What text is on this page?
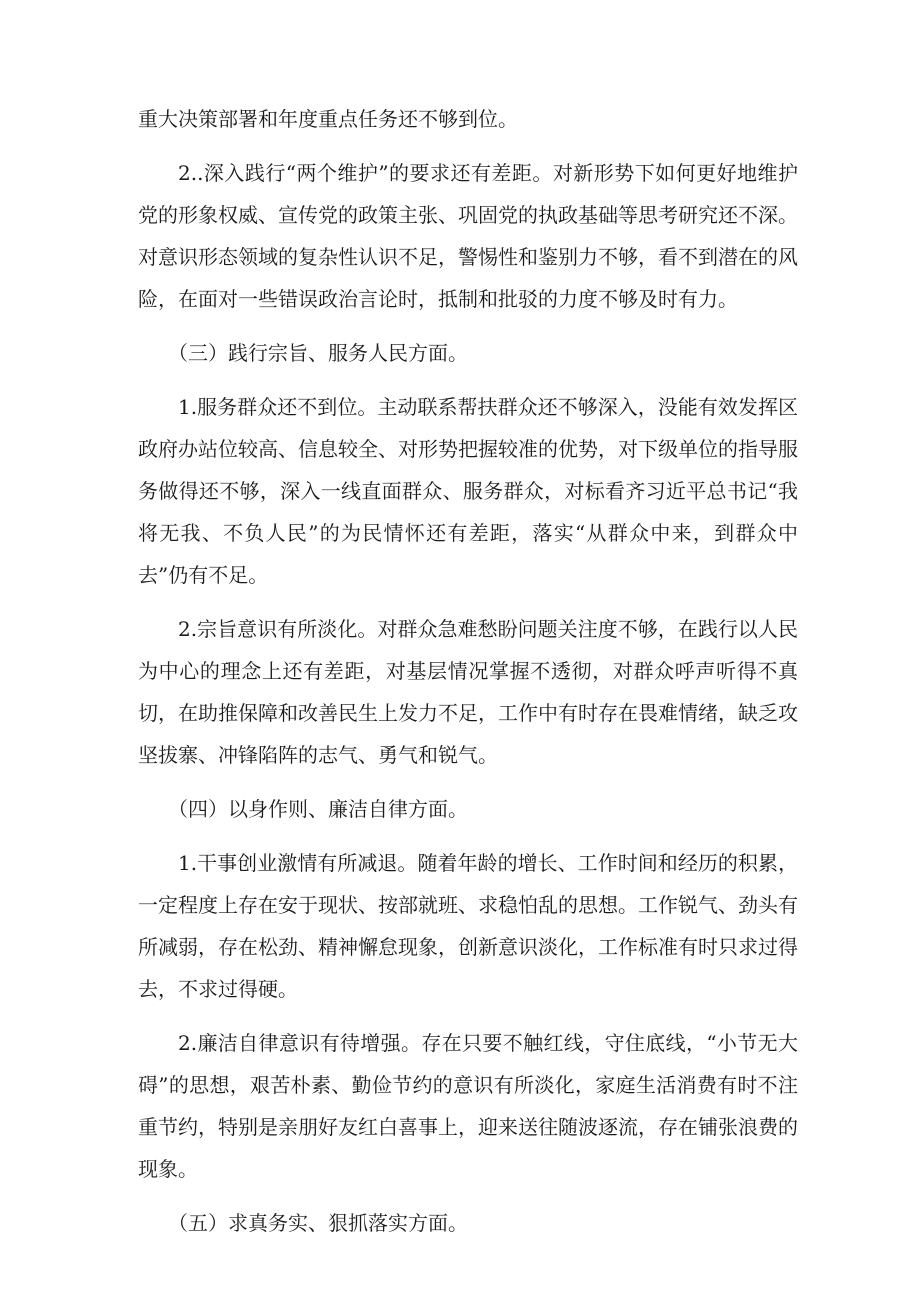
重大决策部署和年度重点任务还不够到位。

2..深入践行“两个维护”的要求还有差距。对新形势下如何更好地维护党的形象权威、宣传党的政策主张、巩固党的执政基础等思考研究还不深。对意识形态领域的复杂性认识不足，警惕性和鉴别力不够，看不到潜在的风险，在面对一些错误政治言论时，抵制和批驳的力度不够及时有力。

（三）践行宗旨、服务人民方面。

1.服务群众还不到位。主动联系帮扶群众还不够深入，没能有效发挥区政府办站位较高、信息较全、对形势把握较准的优势，对下级单位的指导服务做得还不够，深入一线直面群众、服务群众，对标看齐习近平总书记“我将无我、不负人民”的为民情怀还有差距，落实“从群众中来，到群众中去”仍有不足。

2.宗旨意识有所淡化。对群众急难愁盼问题关注度不够，在践行以人民为中心的理念上还有差距，对基层情况掌握不透彻，对群众呼声听得不真切，在助推保障和改善民生上发力不足，工作中有时存在畏难情绪，缺乏攻坚拔寨、冲锋陷阵的志气、勇气和锐气。

（四）以身作则、廉洁自律方面。

1.干事创业激情有所减退。随着年龄的增长、工作时间和经历的积累，一定程度上存在安于现状、按部就班、求稳怕乱的思想。工作锐气、劲头有所减弱，存在松劲、精神懈怠现象，创新意识淡化，工作标准有时只求过得去，不求过得硬。

2.廉洁自律意识有待增强。存在只要不触红线，守住底线，“小节无大碍”的思想，艰苦朴素、勤俭节约的意识有所淡化，家庭生活消费有时不注重节约，特别是亲朋好友红白喜事上，迎来送往随波逐流，存在铺张浪费的现象。

（五）求真务实、狠抓落实方面。
